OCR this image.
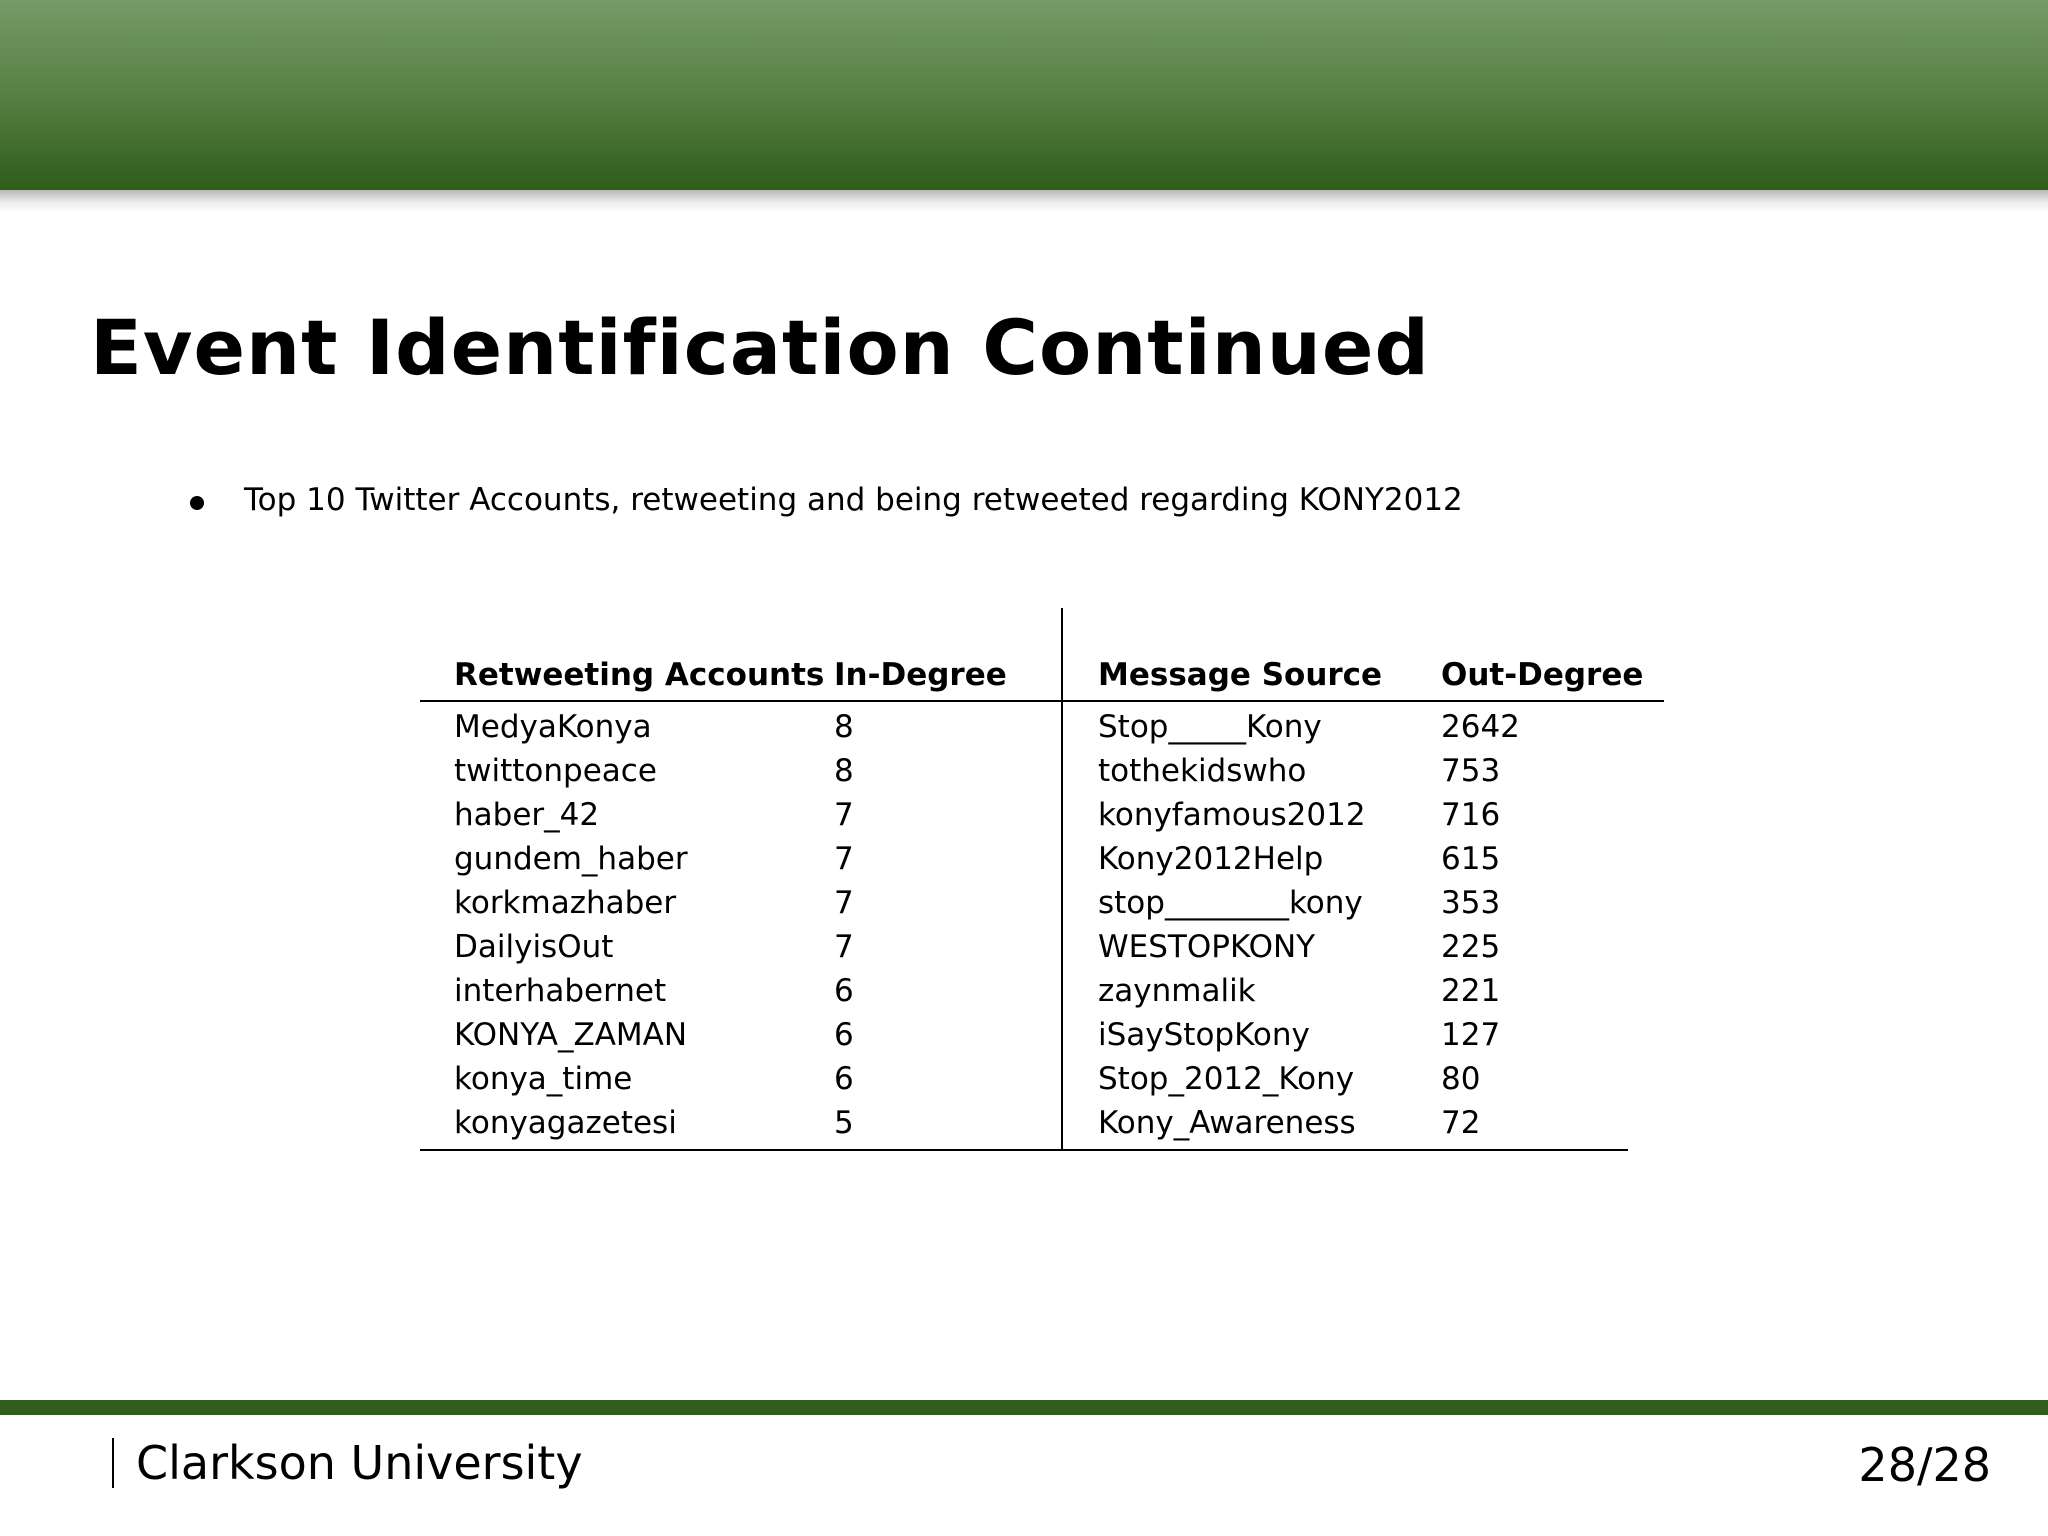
Event Identification Continued
Top 10 Twitter Accounts, retweeting and being retweeted regarding KONY2012
Retweeting Accounts	In-Degree	Message Source	Out-Degree
MedyaKonya	8	Stop_____Kony	2642
twittonpeace	8	tothekidswho	753
haber_42	7	konyfamous2012	716
gundem_haber	7	Kony2012Help	615
korkmazhaber	7	stop________kony	353
DailyisOut	7	WESTOPKONY	225
interhabernet	6	zaynmalik	221
KONYA_ZAMAN	6	iSayStopKony	127
konya_time	6	Stop_2012_Kony	80
konyagazetesi	5	Kony_Awareness	72
Clarkson University	28/28
